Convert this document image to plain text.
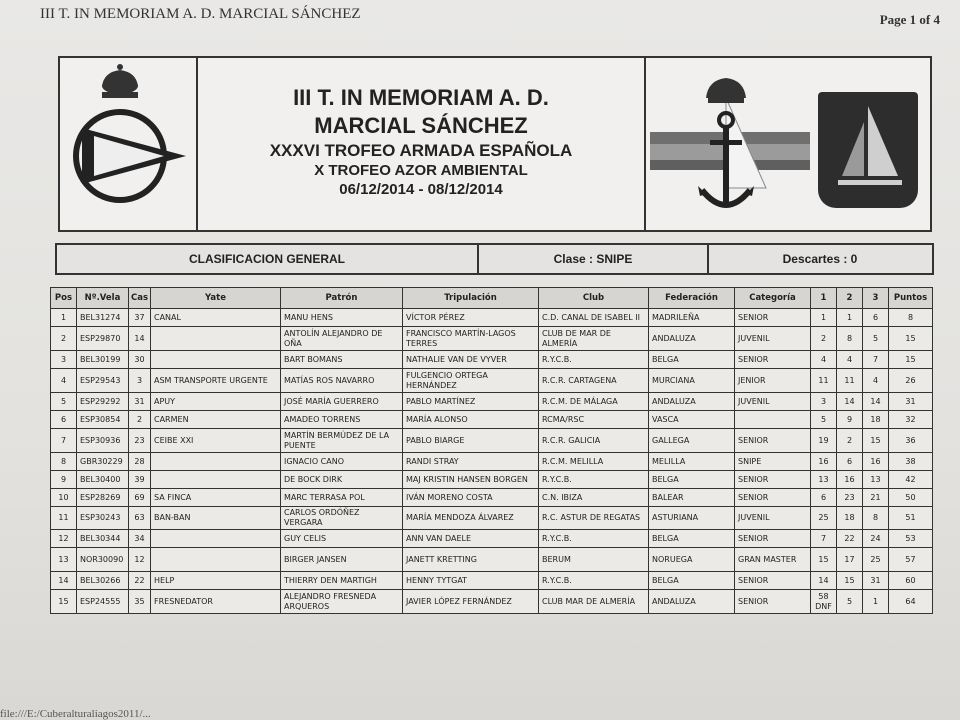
III T. IN MEMORIAM A. D. MARCIAL SÁNCHEZ	Page 1 of 4
III T. IN MEMORIAM A. D.
MARCIAL SÁNCHEZ
XXXVI TROFEO ARMADA ESPAÑOLA
X TROFEO AZOR AMBIENTAL
06/12/2014 - 08/12/2014
CLASIFICACION GENERAL	Clase : SNIPE	Descartes : 0
Pos	Nº.Vela	Cas	Yate	Patrón	Tripulación	Club	Federación	Categoría	1	2	3	Puntos
1	BEL31274	37	CANAL	MANU HENS	VÍCTOR PÉREZ	C.D. CANAL DE ISABEL II	MADRILEÑA	SENIOR	1	1	6	8
2	ESP29870	14		ANTOLÍN ALEJANDRO DE OÑA	FRANCISCO MARTÍN-LAGOS TERRES	CLUB DE MAR DE ALMERÍA	ANDALUZA	JUVENIL	2	8	5	15
3	BEL30199	30		BART BOMANS	NATHALIE VAN DE VYVER	R.Y.C.B.	BELGA	SENIOR	4	4	7	15
4	ESP29543	3	ASM TRANSPORTE URGENTE	MATÍAS ROS NAVARRO	FULGENCIO ORTEGA HERNÁNDEZ	R.C.R. CARTAGENA	MURCIANA	JENIOR	11	11	4	26
5	ESP29292	31	APUY	JOSÉ MARÍA GUERRERO	PABLO MARTÍNEZ	R.C.M. DE MÁLAGA	ANDALUZA	JUVENIL	3	14	14	31
6	ESP30854	2	CARMEN	AMADEO TORRENS	MARÍA ALONSO	RCMA/RSC	VASCA		5	9	18	32
7	ESP30936	23	CEIBE XXI	MARTÍN BERMÚDEZ DE LA PUENTE	PABLO BIARGE	R.C.R. GALICIA	GALLEGA	SENIOR	19	2	15	36
8	GBR30229	28		IGNACIO CANO	RANDI STRAY	R.C.M. MELILLA	MELILLA	SNIPE	16	6	16	38
9	BEL30400	39		DE BOCK DIRK	MAJ KRISTIN HANSEN BORGEN	R.Y.C.B.	BELGA	SENIOR	13	16	13	42
10	ESP28269	69	SA FINCA	MARC TERRASA POL	IVÁN MORENO COSTA	C.N. IBIZA	BALEAR	SENIOR	6	23	21	50
11	ESP30243	63	BAN-BAN	CARLOS ORDÓÑEZ VERGARA	MARÍA MENDOZA ÁLVAREZ	R.C. ASTUR DE REGATAS	ASTURIANA	JUVENIL	25	18	8	51
12	BEL30344	34		GUY CELIS	ANN VAN DAELE	R.Y.C.B.	BELGA	SENIOR	7	22	24	53
13	NOR30090	12		BIRGER JANSEN	JANETT KRETTING	BERUM	NORUEGA	GRAN MASTER	15	17	25	57
14	BEL30266	22	HELP	THIERRY DEN MARTIGH	HENNY TYTGAT	R.Y.C.B.	BELGA	SENIOR	14	15	31	60
15	ESP24555	35	FRESNEDATOR	ALEJANDRO FRESNEDA ARQUEROS	JAVIER LÓPEZ FERNÁNDEZ	CLUB MAR DE ALMERÍA	ANDALUZA	SENIOR	58 DNF	5	1	64
file:///E:/Cuberalturaliagos2011/...
